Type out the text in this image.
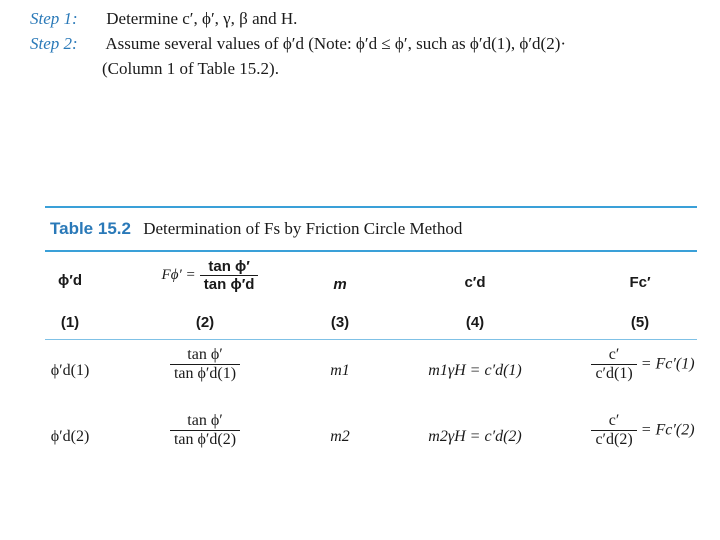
Step 1: Determine c′, ϕ′, γ, β and H.
Step 2: Assume several values of ϕ′d (Note: ϕ′d ≤ ϕ′, such as ϕ′d(1), ϕ′d(2)·
(Column 1 of Table 15.2).
Table 15.2 Determination of Fs by Friction Circle Method
ϕ′d	$F\phi' = \frac{\text{tan ϕ′}}{\text{tan ϕ′d}}$	m	c′d	Fc′
(1)	(2)	(3)	(4)	(5)
ϕ′d(1)	$\frac{\text{tan ϕ′}}{\text{tan ϕ′d(1)}}$	m1	m1γH = c′d(1)	$\frac{c'}{c'd(1)} = Fc'(1)$
ϕ′d(2)	$\frac{\text{tan ϕ′}}{\text{tan ϕ′d(2)}}$	m2	m2γH = c′d(2)	$\frac{c'}{c'd(2)} = Fc'(2)$
